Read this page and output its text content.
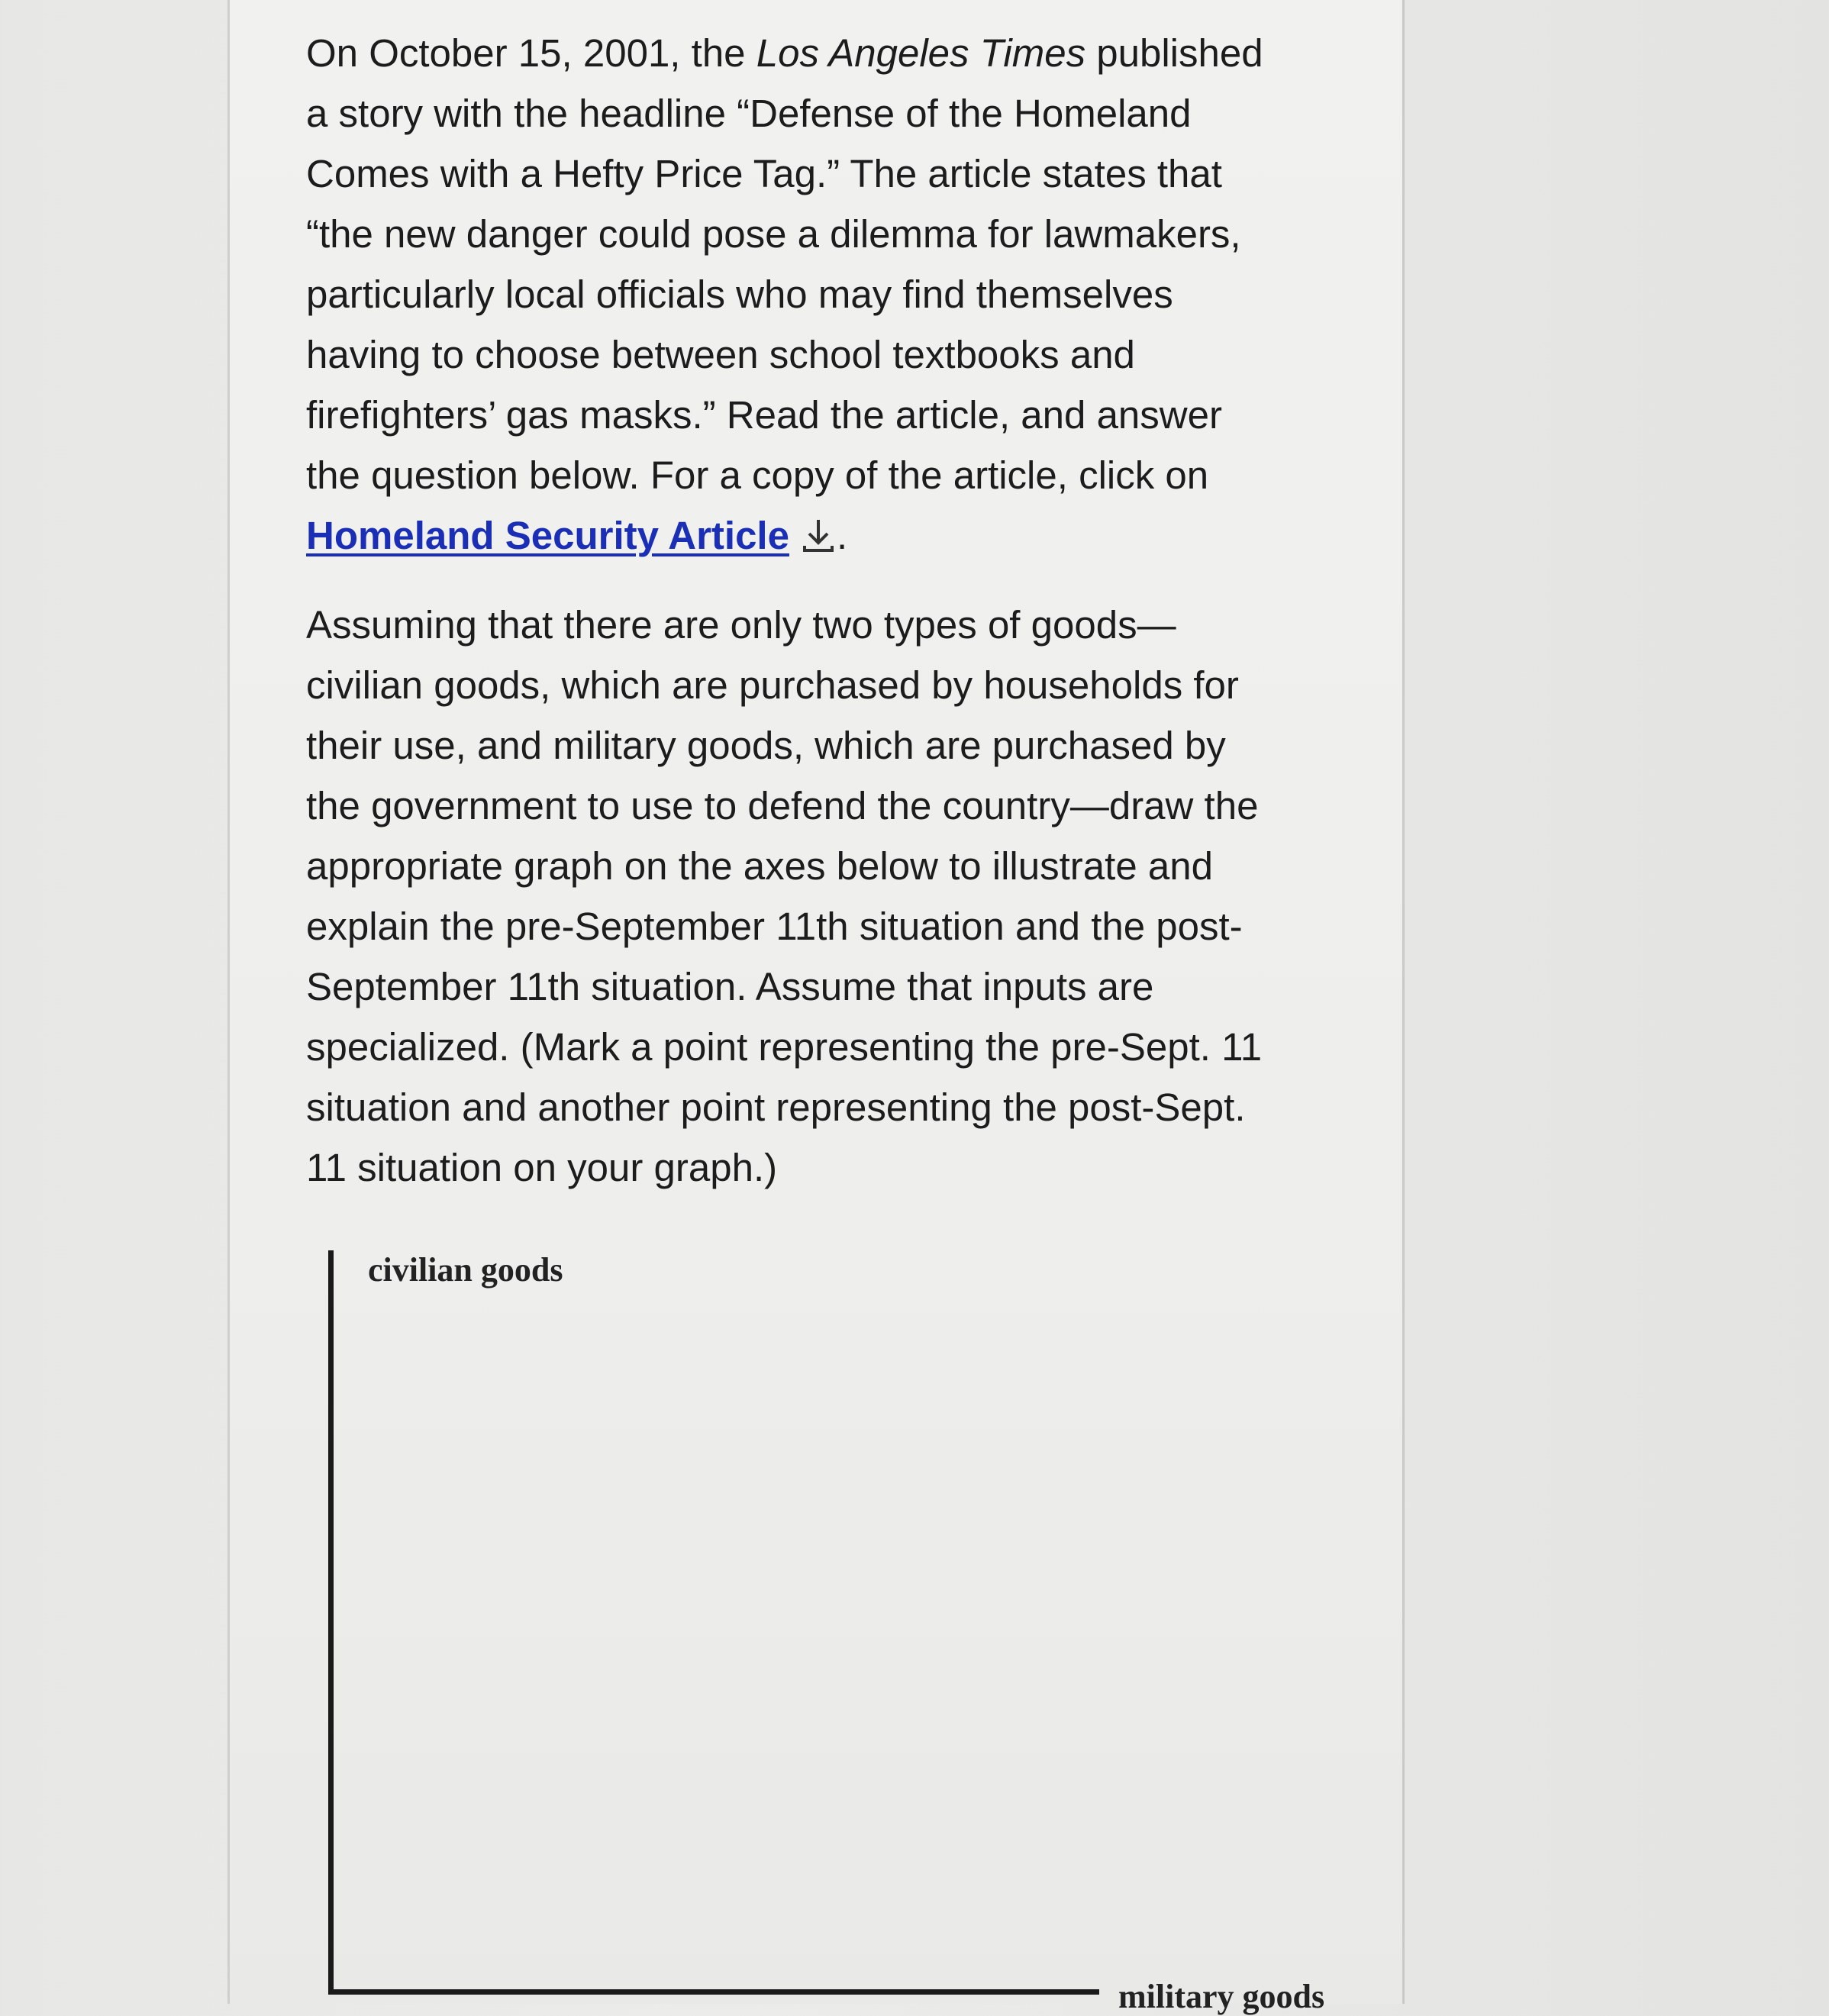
On October 15, 2001, the Los Angeles Times published

a story with the headline “Defense of the Homeland

Comes with a Hefty Price Tag.” The article states that

“the new danger could pose a dilemma for lawmakers,

particularly local officials who may find themselves

having to choose between school textbooks and

firefighters’ gas masks.” Read the article, and answer

the question below. For a copy of the article, click on

Homeland Security Article .

Assuming that there are only two types of goods—

civilian goods, which are purchased by households for

their use, and military goods, which are purchased by

the government to use to defend the country—draw the

appropriate graph on the axes below to illustrate and

explain the pre-September 11th situation and the post-

September 11th situation. Assume that inputs are

specialized. (Mark a point representing the pre-Sept. 11

situation and another point representing the post-Sept.

11 situation on your graph.)

civilian goods
military goods
